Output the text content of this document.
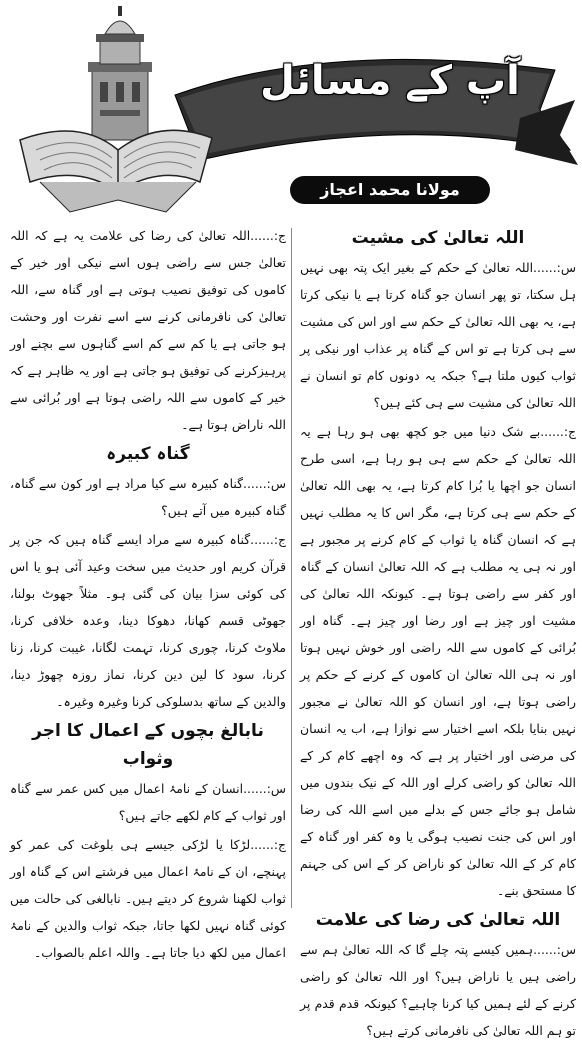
آپ کے مسائل
مولانا محمد اعجاز مصطفیٰ
اللہ تعالیٰ کی مشیت

س:......اللہ تعالیٰ کے حکم کے بغیر ایک پتہ بھی نہیں ہل سکتا، تو پھر انسان جو گناہ کرتا ہے یا نیکی کرتا ہے، یہ بھی اللہ تعالیٰ کے حکم سے اور اس کی مشیت سے ہی کرتا ہے تو اس کے گناہ پر عذاب اور نیکی پر ثواب کیوں ملتا ہے؟ جبکہ یہ دونوں کام تو انسان نے اللہ تعالیٰ کی مشیت سے ہی کئے ہیں؟

ج:......بے شک دنیا میں جو کچھ بھی ہو رہا ہے یہ اللہ تعالیٰ کے حکم سے ہی ہو رہا ہے، اسی طرح انسان جو اچھا یا بُرا کام کرتا ہے، یہ بھی اللہ تعالیٰ کے حکم سے ہی کرتا ہے، مگر اس کا یہ مطلب نہیں ہے کہ انسان گناہ یا ثواب کے کام کرنے پر مجبور ہے اور نہ ہی یہ مطلب ہے کہ اللہ تعالیٰ انسان کے گناہ اور کفر سے راضی ہوتا ہے۔ کیونکہ اللہ تعالیٰ کی مشیت اور چیز ہے اور رضا اور چیز ہے۔ گناہ اور بُرائی کے کاموں سے اللہ راضی اور خوش نہیں ہوتا اور نہ ہی اللہ تعالیٰ ان کاموں کے کرنے کے حکم پر راضی ہوتا ہے، اور انسان کو اللہ تعالیٰ نے مجبور نہیں بنایا بلکہ اسے اختیار سے نوازا ہے، اب یہ انسان کی مرضی اور اختیار پر ہے کہ وہ اچھے کام کر کے اللہ تعالیٰ کو راضی کرلے اور اللہ کے نیک بندوں میں شامل ہو جائے جس کے بدلے میں اسے اللہ کی رضا اور اس کی جنت نصیب ہوگی یا وہ کفر اور گناہ کے کام کر کے اللہ تعالیٰ کو ناراض کر کے اس کی جہنم کا مستحق بنے۔

اللہ تعالیٰ کی رضا کی علامت

س:......ہمیں کیسے پتہ چلے گا کہ اللہ تعالیٰ ہم سے راضی ہیں یا ناراض ہیں؟ اور اللہ تعالیٰ کو راضی کرنے کے لئے ہمیں کیا کرنا چاہیے؟ کیونکہ قدم قدم پر تو ہم اللہ تعالیٰ کی نافرمانی کرتے ہیں؟

ج:......اللہ تعالیٰ کی رضا کی علامت یہ ہے کہ اللہ تعالیٰ جس سے راضی ہوں اسے نیکی اور خیر کے کاموں کی توفیق نصیب ہوتی ہے اور گناہ سے، اللہ تعالیٰ کی نافرمانی کرنے سے اسے نفرت اور وحشت ہو جاتی ہے یا کم سے کم اسے گناہوں سے بچنے اور پرہیزکرنے کی توفیق ہو جاتی ہے اور یہ ظاہر ہے کہ خیر کے کاموں سے اللہ راضی ہوتا ہے اور بُرائی سے اللہ ناراض ہوتا ہے۔

گناہ کبیرہ

س:......گناہ کبیرہ سے کیا مراد ہے اور کون سے گناہ، گناہ کبیرہ میں آتے ہیں؟

ج:......گناہ کبیرہ سے مراد ایسے گناہ ہیں کہ جن پر قرآن کریم اور حدیث میں سخت وعید آئی ہو یا اس کی کوئی سزا بیان کی گئی ہو۔ مثلاً جھوٹ بولنا، جھوٹی قسم کھانا، دھوکا دینا، وعدہ خلافی کرنا، ملاوٹ کرنا، چوری کرنا، تہمت لگانا، غیبت کرنا، زنا کرنا، سود کا لین دین کرنا، نماز روزہ چھوڑ دینا، والدین کے ساتھ بدسلوکی کرنا وغیرہ وغیرہ۔

نابالغ بچوں کے اعمال کا اجر وثواب

س:......انسان کے نامۂ اعمال میں کس عمر سے گناہ اور ثواب کے کام لکھے جاتے ہیں؟

ج:......لڑکا یا لڑکی جیسے ہی بلوغت کی عمر کو پہنچے، ان کے نامۂ اعمال میں فرشتے اس کے گناہ اور ثواب لکھنا شروع کر دیتے ہیں۔ نابالغی کی حالت میں کوئی گناہ نہیں لکھا جاتا، جبکہ ثواب والدین کے نامۂ اعمال میں لکھ دیا جاتا ہے۔ واللہ اعلم بالصواب۔
